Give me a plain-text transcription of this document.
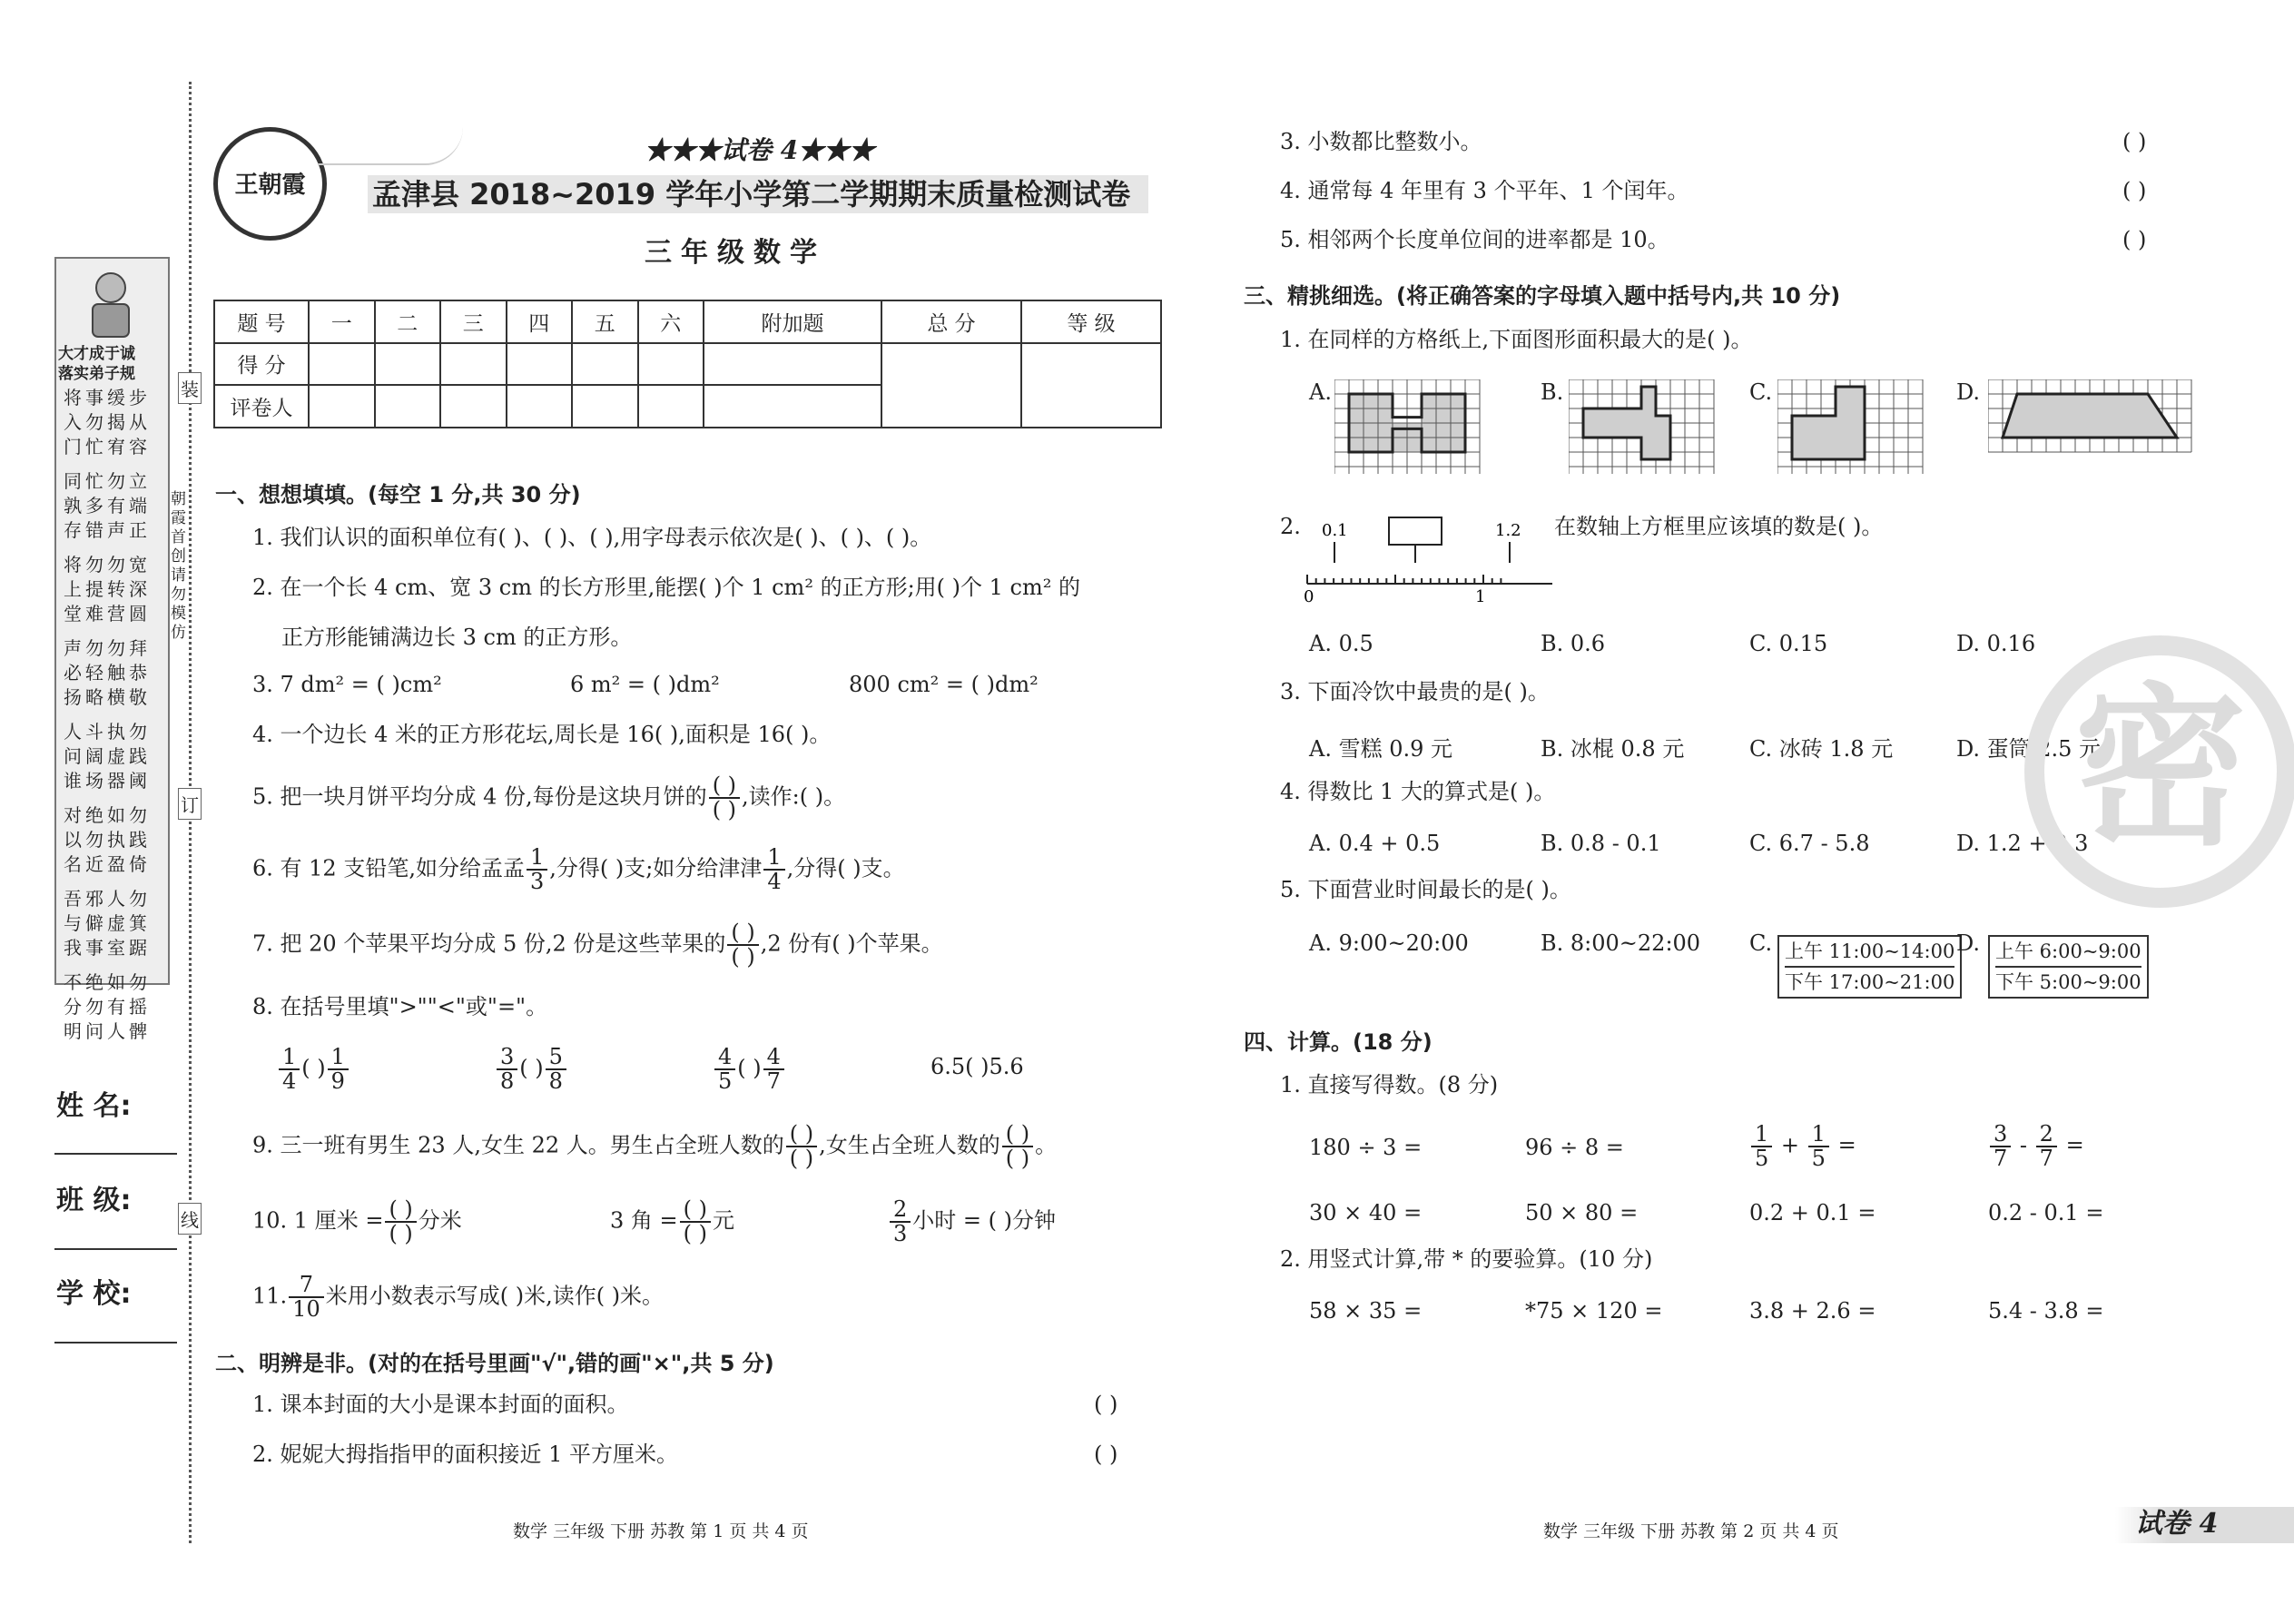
装
订
线
朝霞首创 请勿模仿
大才成于诚
落实弟子规
将事缓步
入勿揭从
门忙宥容
同忙勿立
孰多有端
存错声正
将勿勿宽
上提转深
堂难营圆
声勿勿拜
必轻触恭
扬略横敬
人斗执勿
问阔虚践
谁场器阈
对绝如勿
以勿执践
名近盈倚
吾邪人勿
与僻虚箕
我事室踞
不绝如勿
分勿有摇
明问人髀
姓 名:
班 级:
学 校:
王朝霞
★★★试卷 4★★★
孟津县 2018~2019 学年小学第二学期期末质量检测试卷
三年级数学
题 号	一	二	三	四	五	六	附加题	总 分	等 级
得 分									
评卷人									
一、想想填填。(每空 1 分,共 30 分)
1. 我们认识的面积单位有( )、( )、( ),用字母表示依次是( )、( )、( )。
2. 在一个长 4 cm、宽 3 cm 的长方形里,能摆( )个 1 cm² 的正方形;用( )个 1 cm² 的
正方形能铺满边长 3 cm 的正方形。
3. 7 dm² = ( )cm²	6 m² = ( )dm²	800 cm² = ( )dm²
4. 一个边长 4 米的正方形花坛,周长是 16( ),面积是 16( )。
5. 把一块月饼平均分成 4 份,每份是这块月饼的 $\frac{( )}{( )}$ ,读作:( )。
6. 有 12 支铅笔,如分给孟孟 $\frac{1}{3}$ ,分得( )支;如分给津津 $\frac{1}{4}$ ,分得( )支。
7. 把 20 个苹果平均分成 5 份,2 份是这些苹果的 $\frac{( )}{( )} ,2$ 份有( )个苹果。
8. 在括号里填">""<"或"="。
$\frac{1}{4}$ ( ) $\frac{1}{9}$	$\frac{3}{8}$ ( ) $\frac{5}{8}$	$\frac{4}{5}$ ( ) $\frac{4}{7}$	6.5( )5.6
9. 三一班有男生 23 人,女生 22 人。男生占全班人数的 $\frac{( )}{( )}$ ,女生占全班人数的 $\frac{( )}{( )}$ 。
10. 1 厘米 = $\frac{( )}{( )}$ 分米	3 角 = $\frac{( )}{( )}$ 元	$\frac{2}{3}$ 小时 = ( )分钟
11. $\frac{7}{10}$ 米用小数表示写成( )米,读作( )米。
二、明辨是非。(对的在括号里画"√",错的画"×",共 5 分)
1. 课本封面的大小是课本封面的面积。	( )
2. 妮妮大拇指指甲的面积接近 1 平方厘米。	( )
数学 三年级 下册 苏教 第 1 页 共 4 页
3. 小数都比整数小。	( )
4. 通常每 4 年里有 3 个平年、1 个闰年。	( )
5. 相邻两个长度单位间的进率都是 10。	( )
三、精挑细选。(将正确答案的字母填入题中括号内,共 10 分)
1. 在同样的方格纸上,下面图形面积最大的是( )。
A.	B.	C.	D.
2. 0.1	1.2
0	1
在数轴上方框里应该填的数是( )。
A. 0.5	B. 0.6	C. 0.15	D. 0.16
3. 下面冷饮中最贵的是( )。
A. 雪糕 0.9 元	B. 冰棍 0.8 元	C. 冰砖 1.8 元	D. 蛋筒 2.5 元
4. 得数比 1 大的算式是( )。
A. 0.4 + 0.5	B. 0.8 - 0.1	C. 6.7 - 5.8	D. 1.2 + 0.3
5. 下面营业时间最长的是( )。
A. 9:00~20:00	B. 8:00~22:00 C. 上午 11:00~14:00
下午 17:00~21:00
D. 上午 6:00~9:00
下午 5:00~9:00
四、计算。(18 分)
1. 直接写得数。(8 分)
180 ÷ 3 =	96 ÷ 8 =	$\frac{1}{5} + \frac{1}{5}$ =	$\frac{3}{7} - \frac{2}{7}$ =
30 × 40 =	50 × 80 =	0.2 + 0.1 =	0.2 - 0.1 =
2. 用竖式计算,带 * 的要验算。(10 分)
58 × 35 =	*75 × 120 =	3.8 + 2.6 =	5.4 - 3.8 =
密
数学 三年级 下册 苏教 第 2 页 共 4 页	试卷 4
